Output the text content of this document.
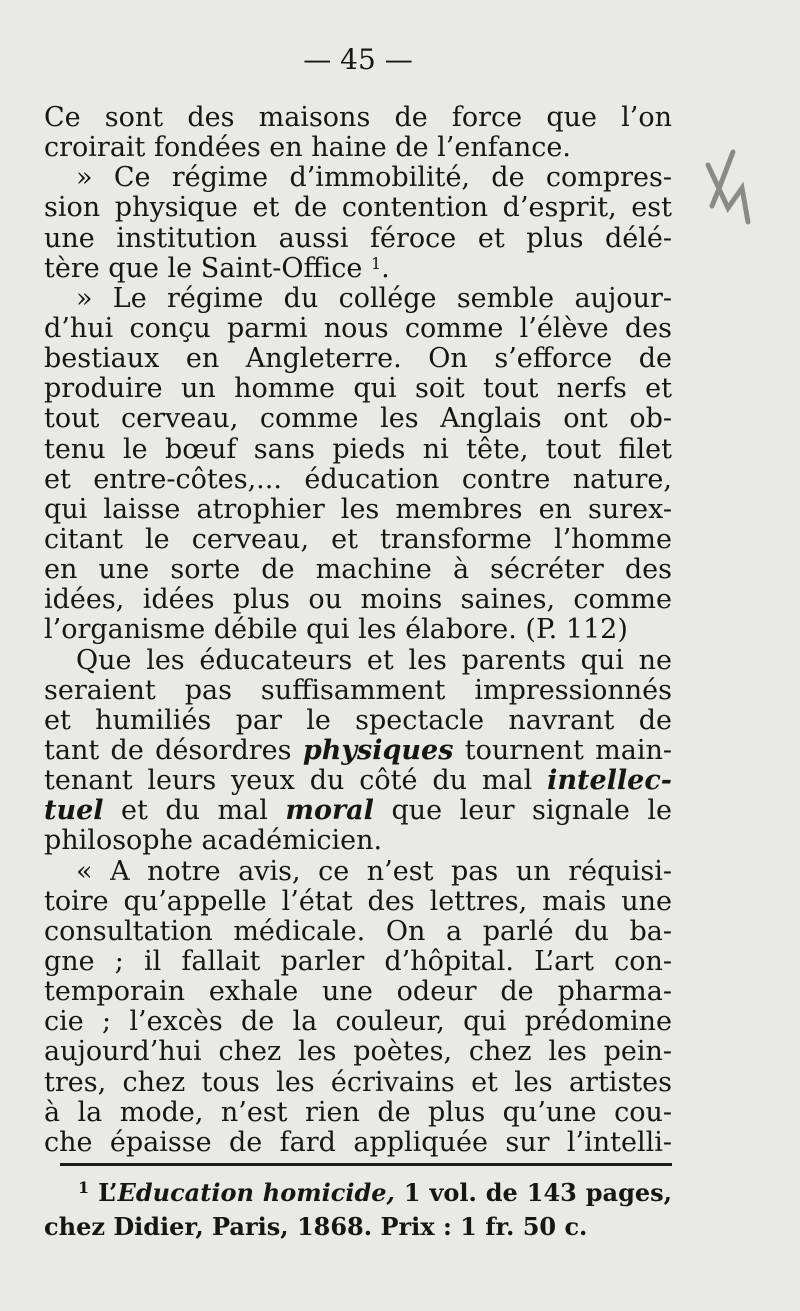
— 45 —
Ce sont des maisons de force que l’on
croirait fondées en haine de l’enfance.
» Ce régime d’immobilité, de compres-
sion physique et de contention d’esprit, est
une institution aussi féroce et plus délé-
tère que le Saint-Office $^1$.
» Le régime du collége semble aujour-
d’hui conçu parmi nous comme l’élève des
bestiaux en Angleterre. On s’efforce de
produire un homme qui soit tout nerfs et
tout cerveau, comme les Anglais ont ob-
tenu le bœuf sans pieds ni tête, tout filet
et entre-côtes,... éducation contre nature,
qui laisse atrophier les membres en surex-
citant le cerveau, et transforme l’homme
en une sorte de machine à sécréter des
idées, idées plus ou moins saines, comme
l’organisme débile qui les élabore. (P. 112)
Que les éducateurs et les parents qui ne
seraient pas suffisamment impressionnés
et humiliés par le spectacle navrant de
tant de désordres physiques tournent main-
tenant leurs yeux du côté du mal intellec-
tuel et du mal moral que leur signale le
philosophe académicien.
« A notre avis, ce n’est pas un réquisi-
toire qu’appelle l’état des lettres, mais une
consultation médicale. On a parlé du ba-
gne ; il fallait parler d’hôpital. L’art con-
temporain exhale une odeur de pharma-
cie ; l’excès de la couleur, qui prédomine
aujourd’hui chez les poètes, chez les pein-
tres, chez tous les écrivains et les artistes
à la mode, n’est rien de plus qu’une cou-
che épaisse de fard appliquée sur l’intelli-
$^1$ L’Education homicide, 1 vol. de 143 pages,
chez Didier, Paris, 1868. Prix : 1 fr. 50 c.
